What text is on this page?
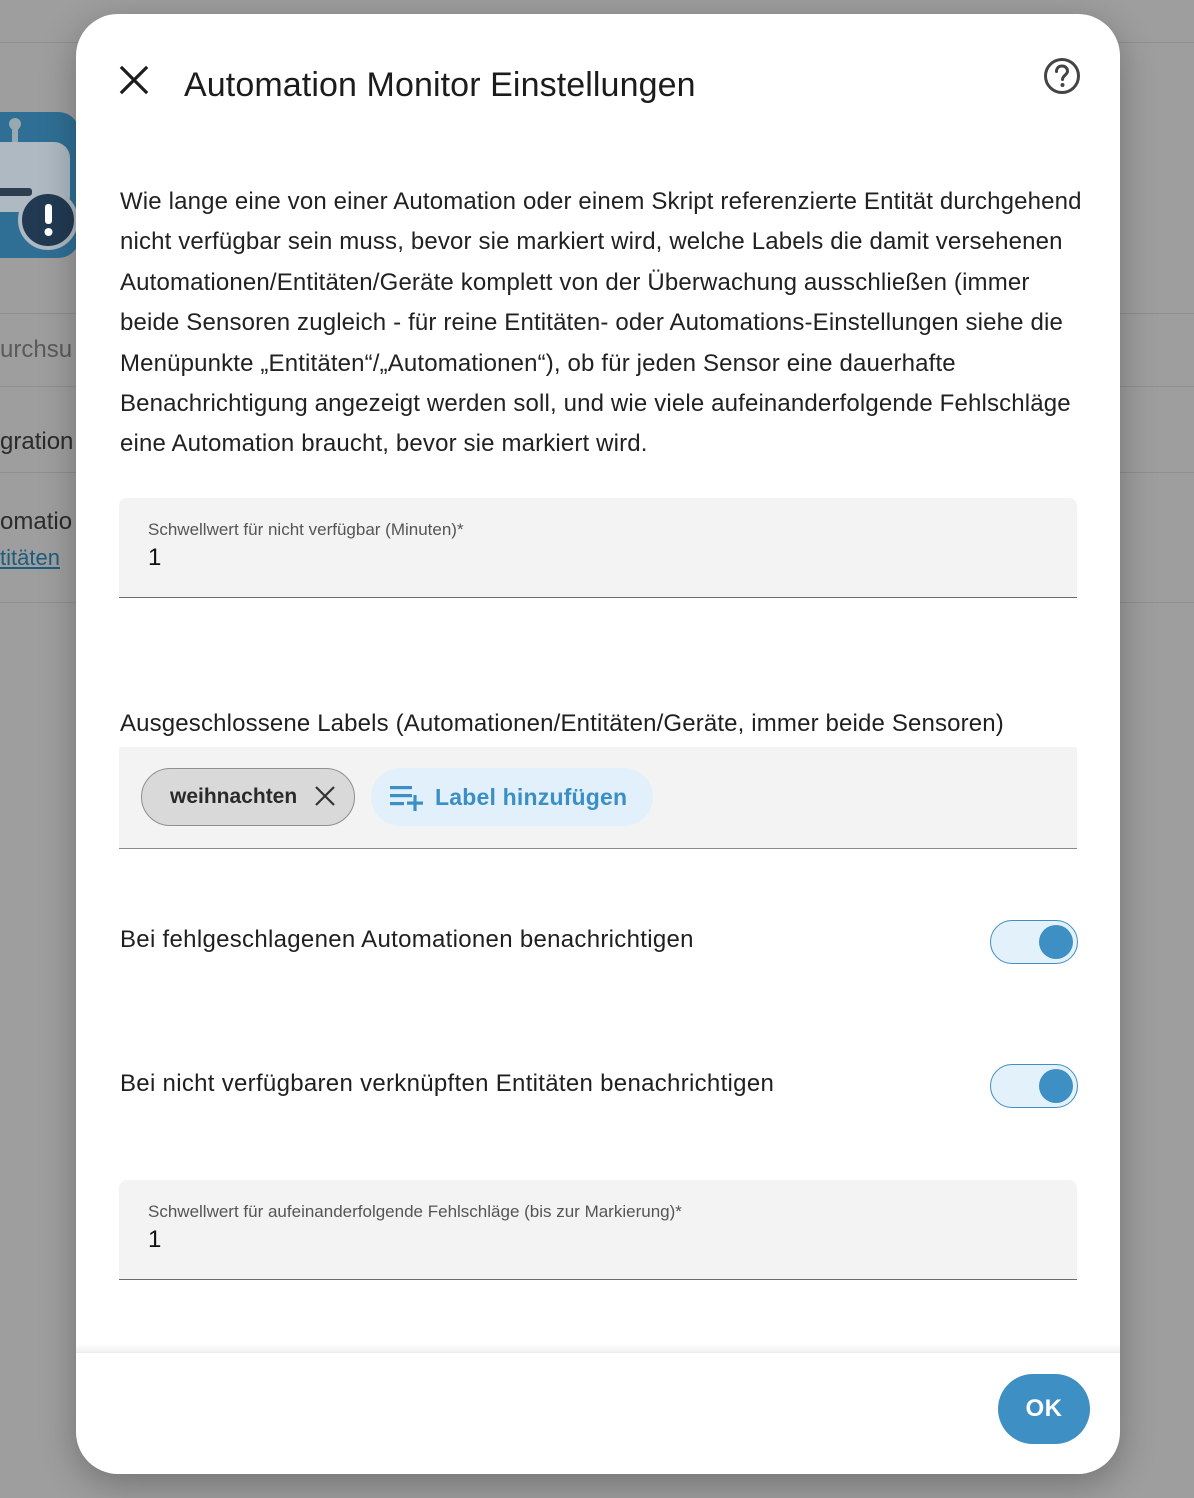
urchsu
gration
omatio
titäten
Automation Monitor Einstellungen
Wie lange eine von einer Automation oder einem Skript referenzierte Entität durchgehend nicht verfügbar sein muss, bevor sie markiert wird, welche Labels die damit versehenen Automationen/Entitäten/Geräte komplett von der Überwachung ausschließen (immer beide Sensoren zugleich - für reine Entitäten- oder Automations-Einstellungen siehe die Menüpunkte „Entitäten“/„Automationen“), ob für jeden Sensor eine dauerhafte Benachrichtigung angezeigt werden soll, und wie viele aufeinanderfolgende Fehlschläge eine Automation braucht, bevor sie markiert wird.
Schwellwert für nicht verfügbar (Minuten)*
1
Ausgeschlossene Labels (Automationen/Entitäten/Geräte, immer beide Sensoren)
weihnachten	Label hinzufügen
Bei fehlgeschlagenen Automationen benachrichtigen
Bei nicht verfügbaren verknüpften Entitäten benachrichtigen
Schwellwert für aufeinanderfolgende Fehlschläge (bis zur Markierung)*
1
OK
